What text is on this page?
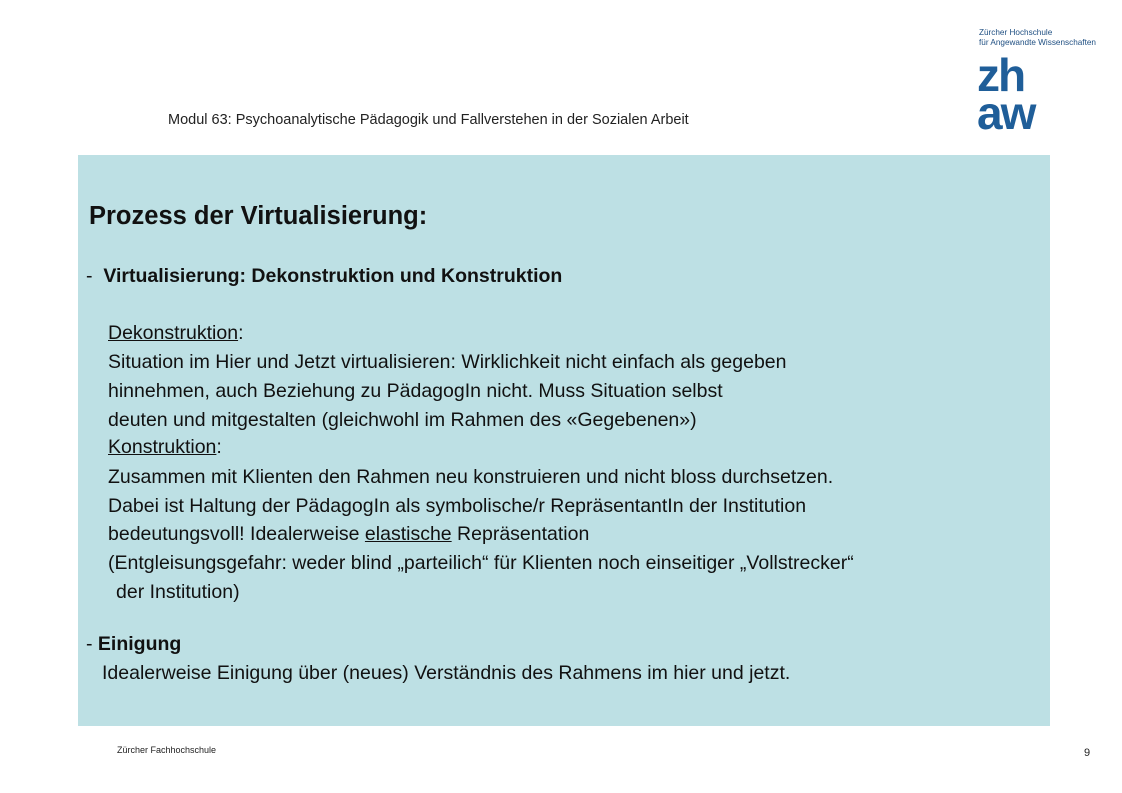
Modul 63: Psychoanalytische Pädagogik und Fallverstehen in der Sozialen Arbeit
Zürcher Hochschule
für Angewandte Wissenschaften
zh
aw
Prozess der Virtualisierung:
- Virtualisierung: Dekonstruktion und Konstruktion
Dekonstruktion:
Situation im Hier und Jetzt virtualisieren: Wirklichkeit nicht einfach als gegeben
hinnehmen, auch Beziehung zu PädagogIn nicht. Muss Situation selbst
deuten und mitgestalten (gleichwohl im Rahmen des «Gegebenen»)
Konstruktion:
Zusammen mit Klienten den Rahmen neu konstruieren und nicht bloss durchsetzen.
Dabei ist Haltung der PädagogIn als symbolische/r RepräsentantIn der Institution
bedeutungsvoll! Idealerweise elastische Repräsentation
(Entgleisungsgefahr: weder blind „parteilich“ für Klienten noch einseitiger „Vollstrecker“
der Institution)
- Einigung
Idealerweise Einigung über (neues) Verständnis des Rahmens im hier und jetzt.
Zürcher Fachhochschule	9
